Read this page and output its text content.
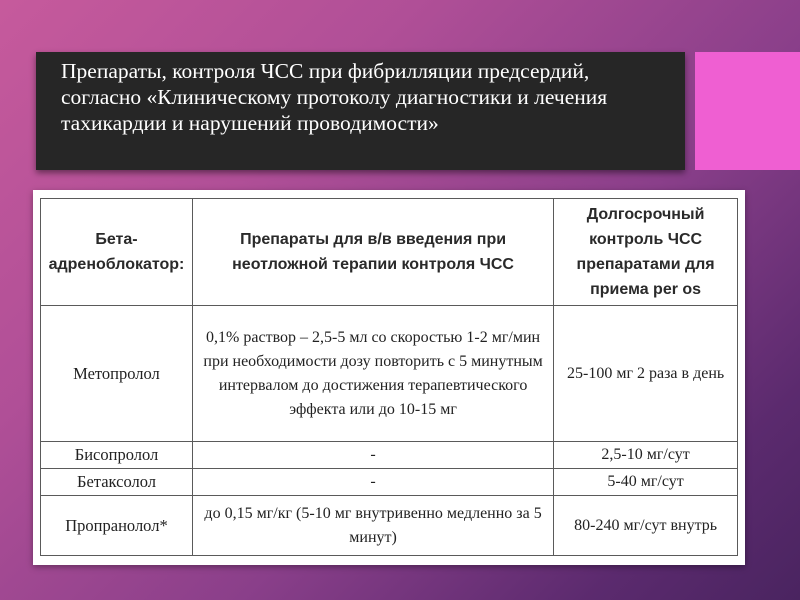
Препараты, контроля ЧСС при фибрилляции предсердий, согласно «Клиническому протоколу диагностики и лечения тахикардии и нарушений проводимости»
Бета-адреноблокатор:	Препараты для в/в введения при неотложной терапии контроля ЧСС	Долгосрочный контроль ЧСС препаратами для приема per os
Метопролол	0,1% раствор – 2,5-5 мл со скоростью 1-2 мг/мин при необходимости дозу повторить с 5 минутным интервалом до достижения терапевтического эффекта или до 10-15 мг	25-100 мг 2 раза в день
Бисопролол	-	2,5-10 мг/сут
Бетаксолол	-	5-40 мг/сут
Пропранолол*	до 0,15 мг/кг (5-10 мг внутривенно медленно за 5 минут)	80-240 мг/сут внутрь
